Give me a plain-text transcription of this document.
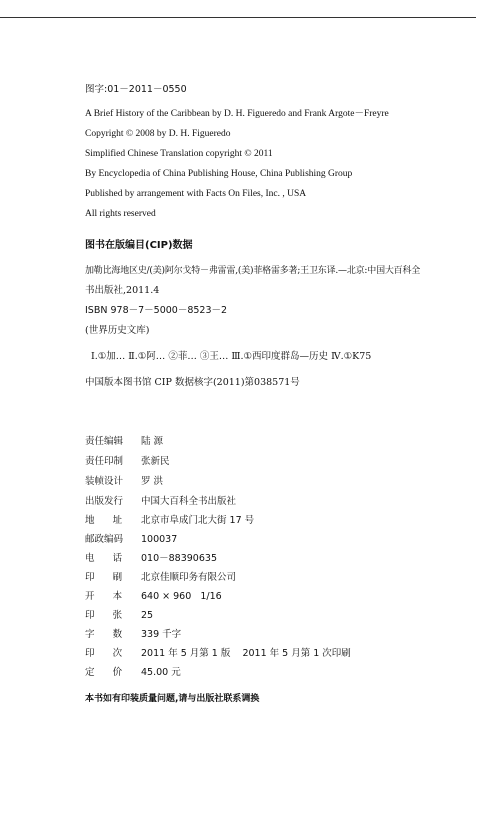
图字:01－2011－0550
A Brief History of the Caribbean by D. H. Figueredo and Frank Argote－Freyre
Copyright © 2008 by D. H. Figueredo
Simplified Chinese Translation copyright © 2011
By Encyclopedia of China Publishing House, China Publishing Group
Published by arrangement with Facts On Files, Inc. , USA
All rights reserved
图书在版编目(CIP)数据
加勒比海地区史/(美)阿尔戈特－弗雷雷,(美)菲格雷多著;王卫东译.—北京:中国大百科全
书出版社,2011.4
ISBN 978－7－5000－8523－2
(世界历史文库)
Ⅰ.①加… Ⅱ.①阿… ②菲… ③王… Ⅲ.①西印度群岛—历史 Ⅳ.①K75
中国版本图书馆 CIP 数据核字(2011)第038571号
责任编辑 陆 源
责任印制 张新民
装帧设计 罗 洪
出版发行 中国大百科全书出版社
地      址 北京市阜成门北大街 17 号
邮政编码 100037
电      话 010－88390635
印      刷 北京佳顺印务有限公司
开      本 640 × 960   1/16
印      张 25
字      数 339 千字
印      次 2011 年 5 月第 1 版    2011 年 5 月第 1 次印刷
定      价 45.00 元
本书如有印装质量问题,请与出版社联系调换
